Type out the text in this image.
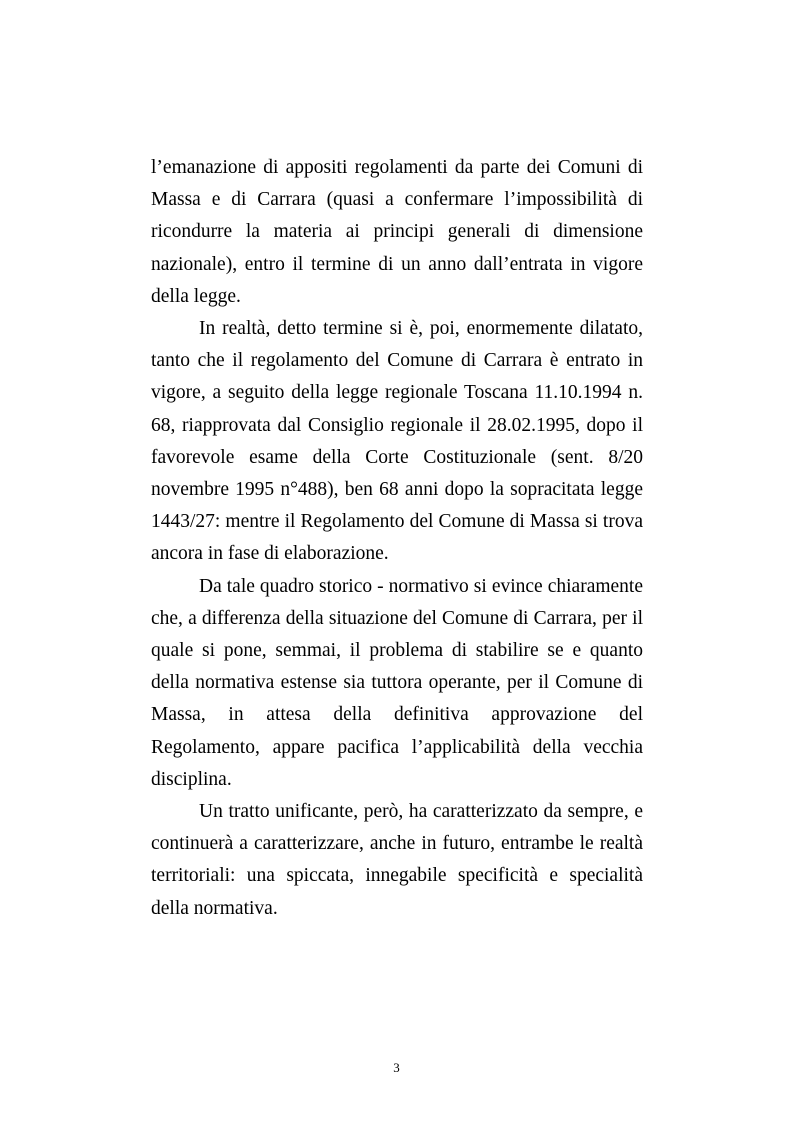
l’emanazione di appositi regolamenti da parte dei Comuni di Massa e di Carrara (quasi a confermare l’impossibilità di ricondurre la materia ai principi generali di dimensione nazionale), entro il termine di un anno dall’entrata in vigore della legge.

In realtà, detto termine si è, poi, enormemente dilatato, tanto che il regolamento del Comune di Carrara è entrato in vigore, a seguito della legge regionale Toscana 11.10.1994 n. 68, riapprovata dal Consiglio regionale il 28.02.1995, dopo il favorevole esame della Corte Costituzionale (sent. 8/20 novembre 1995 n°488), ben 68 anni dopo la sopracitata legge 1443/27: mentre il Regolamento del Comune di Massa si trova ancora in fase di elaborazione.

Da tale quadro storico - normativo si evince chiaramente che, a differenza della situazione del Comune di Carrara, per il quale si pone, semmai, il problema di stabilire se e quanto della normativa estense sia tuttora operante, per il Comune di Massa, in attesa della definitiva approvazione del Regolamento, appare pacifica l’applicabilità della vecchia disciplina.

Un tratto unificante, però, ha caratterizzato da sempre, e continuerà a caratterizzare, anche in futuro, entrambe le realtà territoriali: una spiccata, innegabile specificità e specialità della normativa.

3
